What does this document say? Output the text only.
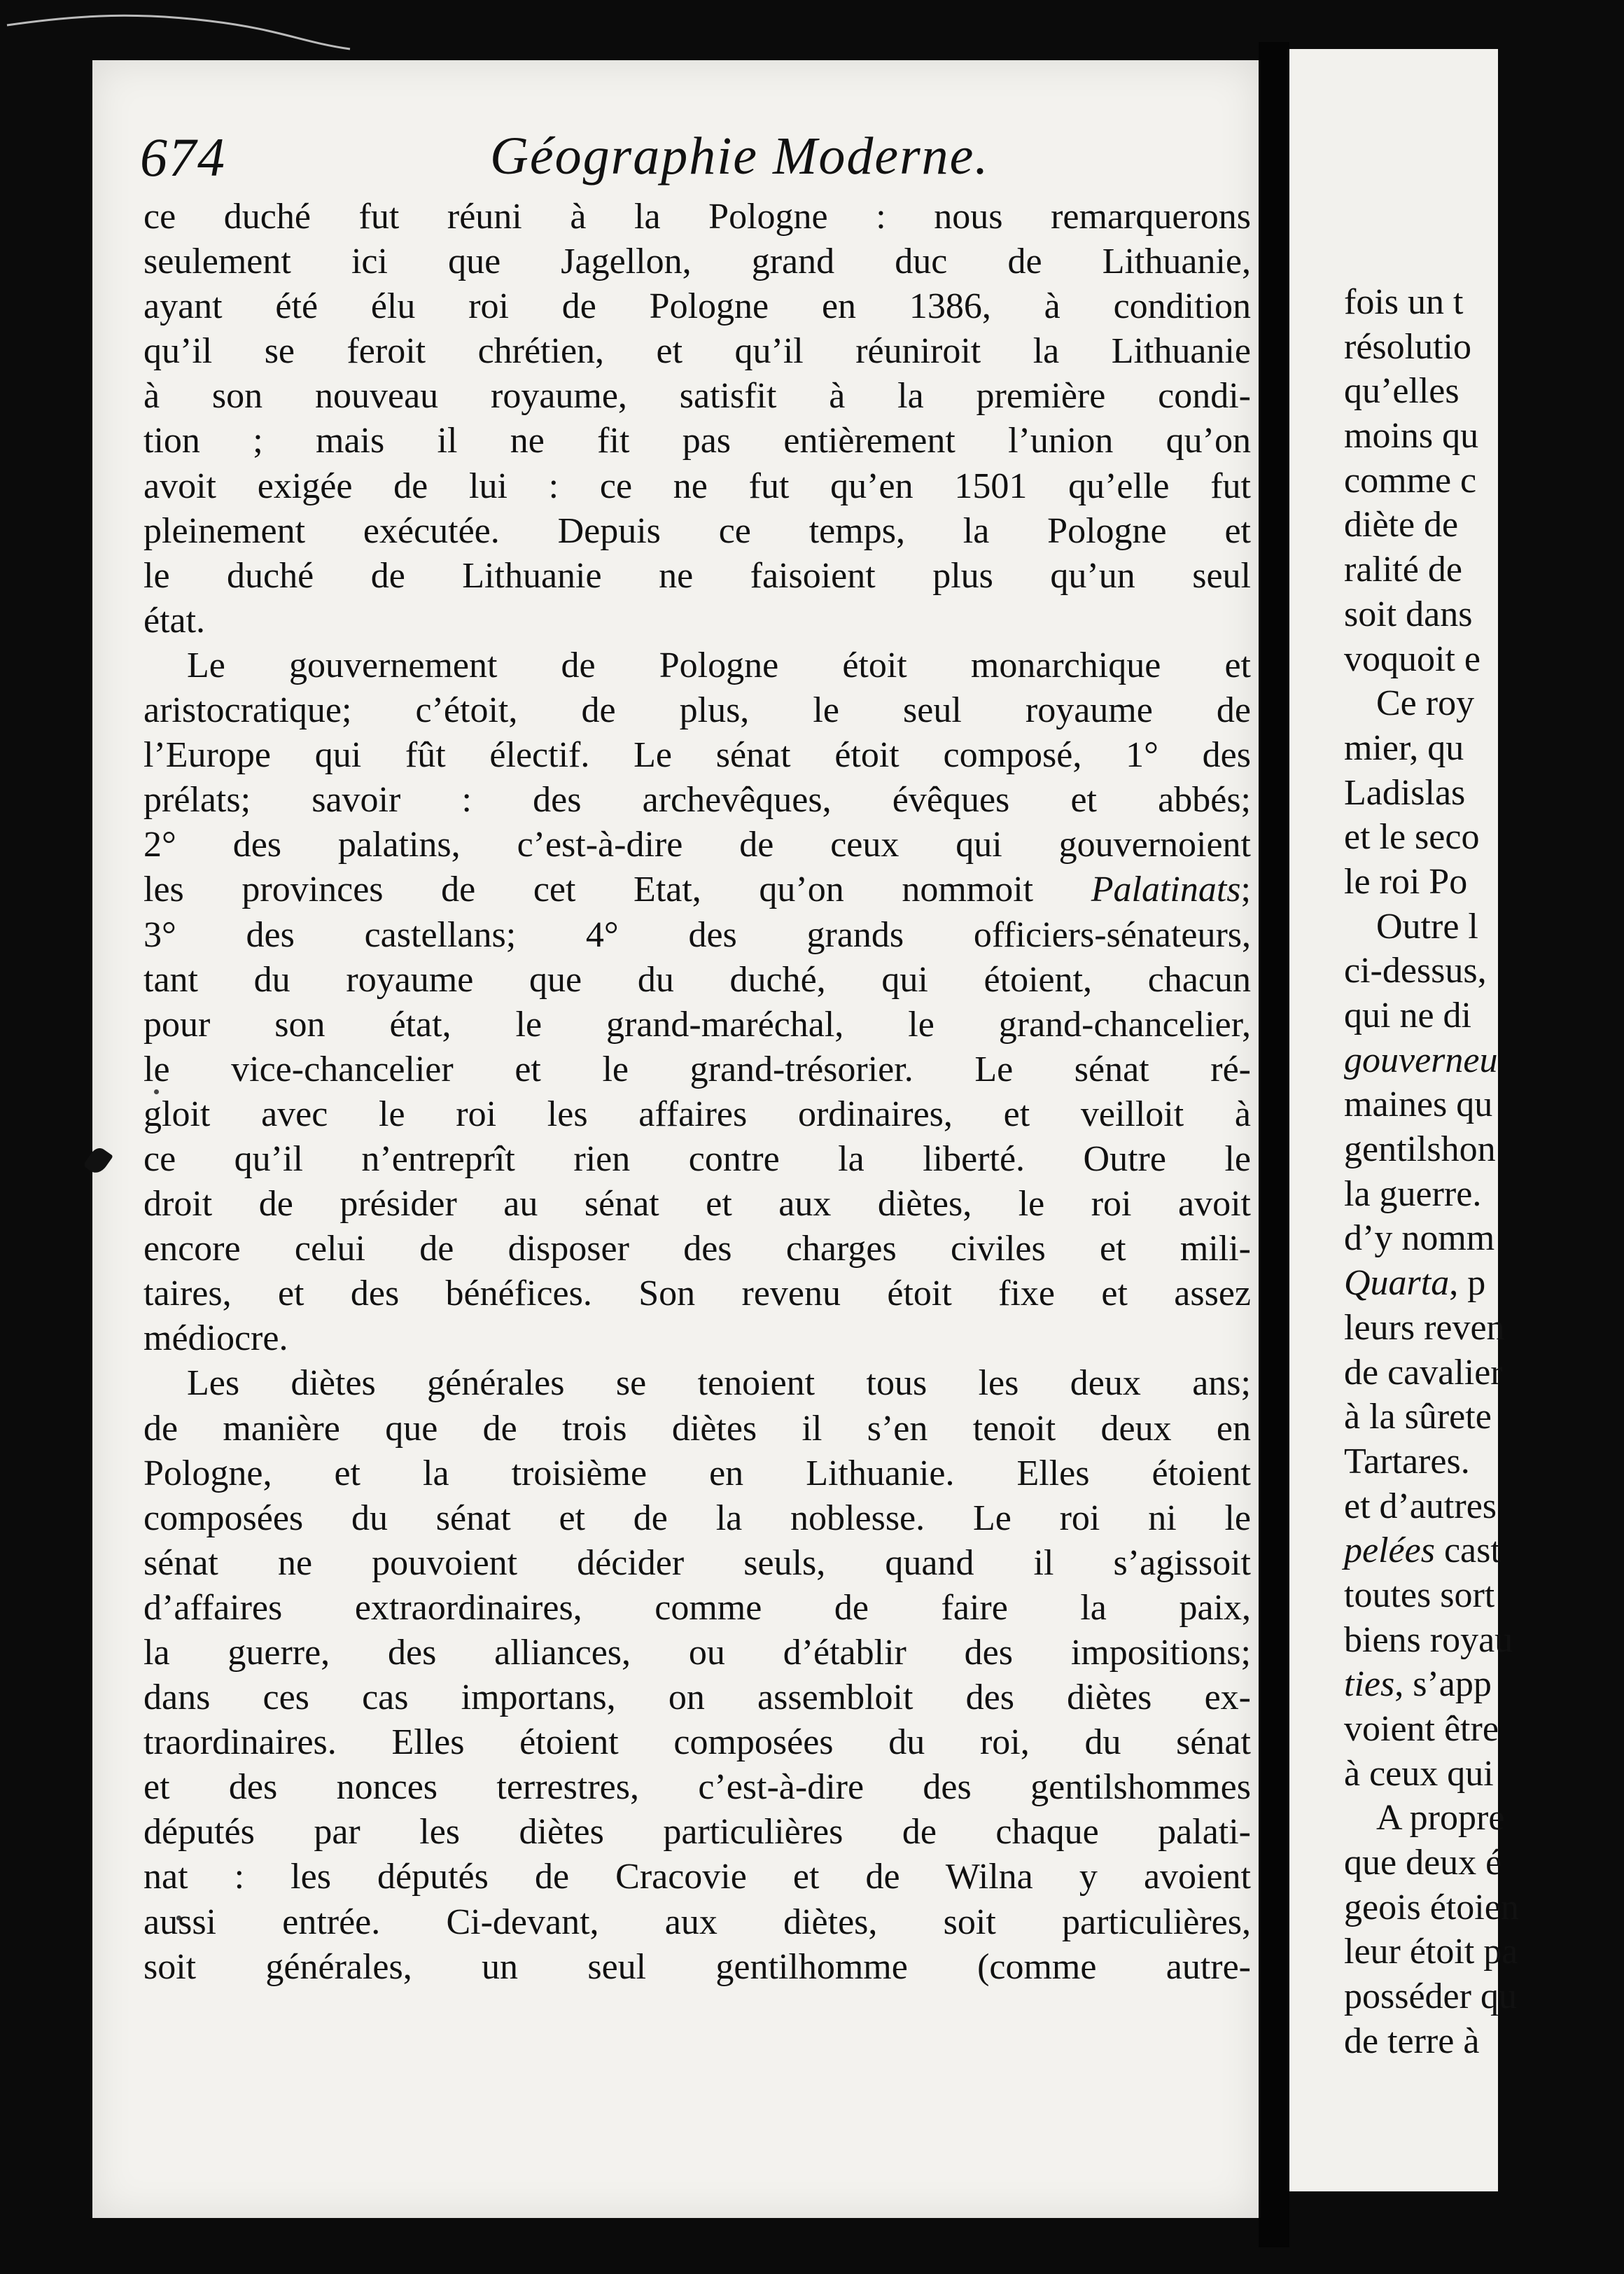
674	Géographie Moderne.
ce duché fut réuni à la Pologne : nous remarquerons
seulement ici que Jagellon, grand duc de Lithuanie,
ayant été élu roi de Pologne en 1386, à condition
qu’il se feroit chrétien, et qu’il réuniroit la Lithuanie
à son nouveau royaume, satisfit à la première condi-
tion ; mais il ne fit pas entièrement l’union qu’on
avoit exigée de lui : ce ne fut qu’en 1501 qu’elle fut
pleinement exécutée. Depuis ce temps, la Pologne et
le duché de Lithuanie ne faisoient plus qu’un seul
état.
Le gouvernement de Pologne étoit monarchique et
aristocratique; c’étoit, de plus, le seul royaume de
l’Europe qui fût électif. Le sénat étoit composé, 1° des
prélats; savoir : des archevêques, évêques et abbés;
2° des palatins, c’est-à-dire de ceux qui gouvernoient
les provinces de cet Etat, qu’on nommoit Palatinats;
3° des castellans; 4° des grands officiers-sénateurs,
tant du royaume que du duché, qui étoient, chacun
pour son état, le grand-maréchal, le grand-chancelier,
le vice-chancelier et le grand-trésorier. Le sénat ré-
gloit avec le roi les affaires ordinaires, et veilloit à
ce qu’il n’entreprît rien contre la liberté. Outre le
droit de présider au sénat et aux diètes, le roi avoit
encore celui de disposer des charges civiles et mili-
taires, et des bénéfices. Son revenu étoit fixe et assez
médiocre.
Les diètes générales se tenoient tous les deux ans;
de manière que de trois diètes il s’en tenoit deux en
Pologne, et la troisième en Lithuanie. Elles étoient
composées du sénat et de la noblesse. Le roi ni le
sénat ne pouvoient décider seuls, quand il s’agissoit
d’affaires extraordinaires, comme de faire la paix,
la guerre, des alliances, ou d’établir des impositions;
dans ces cas importans, on assembloit des diètes ex-
traordinaires. Elles étoient composées du roi, du sénat
et des nonces terrestres, c’est-à-dire des gentilshommes
députés par les diètes particulières de chaque palati-
nat : les députés de Cracovie et de Wilna y avoient
aussi entrée. Ci-devant, aux diètes, soit particulières,
soit générales, un seul gentilhomme (comme autre-
fois un t
résolutio
qu’elles
moins qu
comme c
diète de
ralité de
soit dans
voquoit e
Ce roy
mier, qu
Ladislas
et le seco
le roi Po
Outre l
ci-dessus,
qui ne di
gouverneu
maines qu
gentilshon
la guerre.
d’y nomm
Quarta, p
leurs reven
de cavalier
à la sûrete
Tartares.
et d’autres
pelées cast
toutes sort
biens royau
ties, s’app
voient être
à ceux qui
A propre
que deux é
geois étoien
leur étoit pa
posséder qu
de terre à
